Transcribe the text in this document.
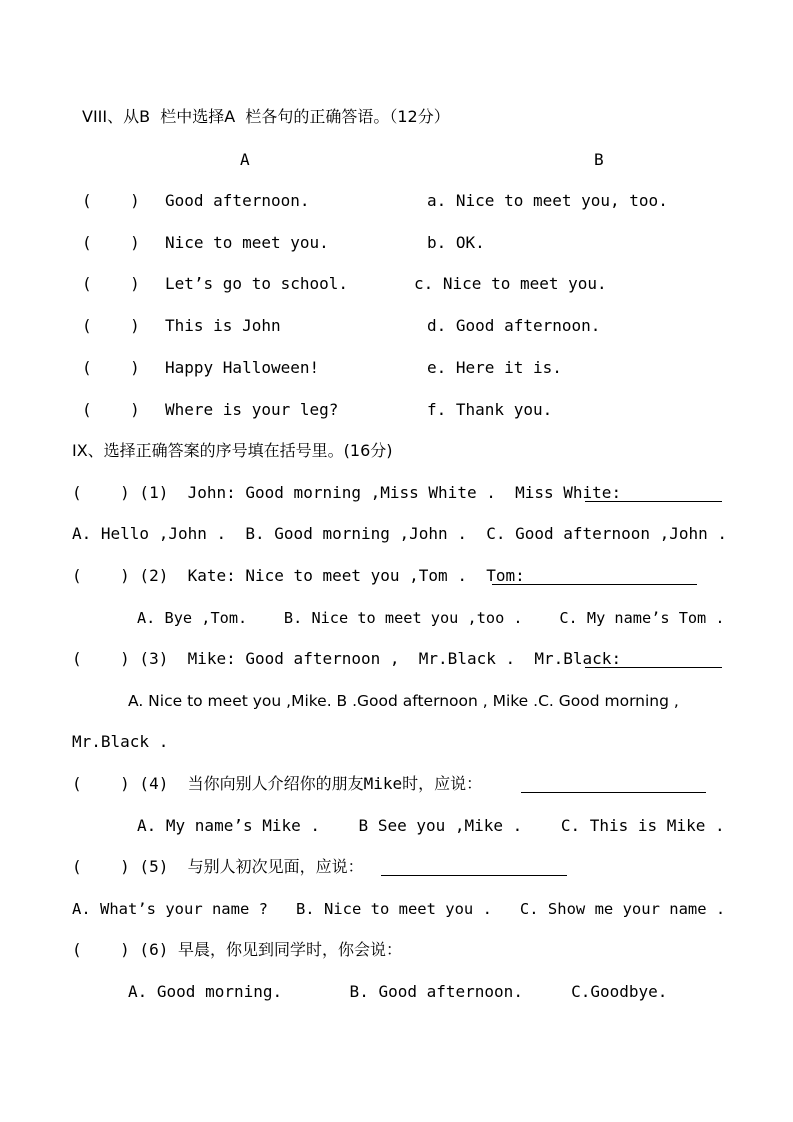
VIII、从B  栏中选择A  栏各句的正确答语。（12分）
A	B
(    ) Good afternoon.	a. Nice to meet you, too.
(    ) Nice to meet you.	b. OK.
(    ) Let’s go to school.	c. Nice to meet you.
(    ) This is John	d. Good afternoon.
(    ) Happy Halloween!	e. Here it is.
(    ) Where is your leg?	f. Thank you.
IX、选择正确答案的序号填在括号里。(16分)
(    ) (1)  John: Good morning ,Miss White .  Miss White:
A. Hello ,John .  B. Good morning ,John .  C. Good afternoon ,John .
(    ) (2)  Kate: Nice to meet you ,Tom .  Tom:
A. Bye ,Tom.    B. Nice to meet you ,too .    C. My name’s Tom .
(    ) (3)  Mike: Good afternoon ,  Mr.Black .  Mr.Black:
A. Nice to meet you ,Mike. B .Good afternoon , Mike .C. Good morning ,
Mr.Black .
(    ) (4)  当你向别人介绍你的朋友Mike时，应说：
A. My name’s Mike .    B See you ,Mike .    C. This is Mike .
(    ) (5)  与别人初次见面，应说：
A. What’s your name ?   B. Nice to meet you .   C. Show me your name .
(    ) (6) 早晨，你见到同学时，你会说：
A. Good morning.       B. Good afternoon.     C.Goodbye.
